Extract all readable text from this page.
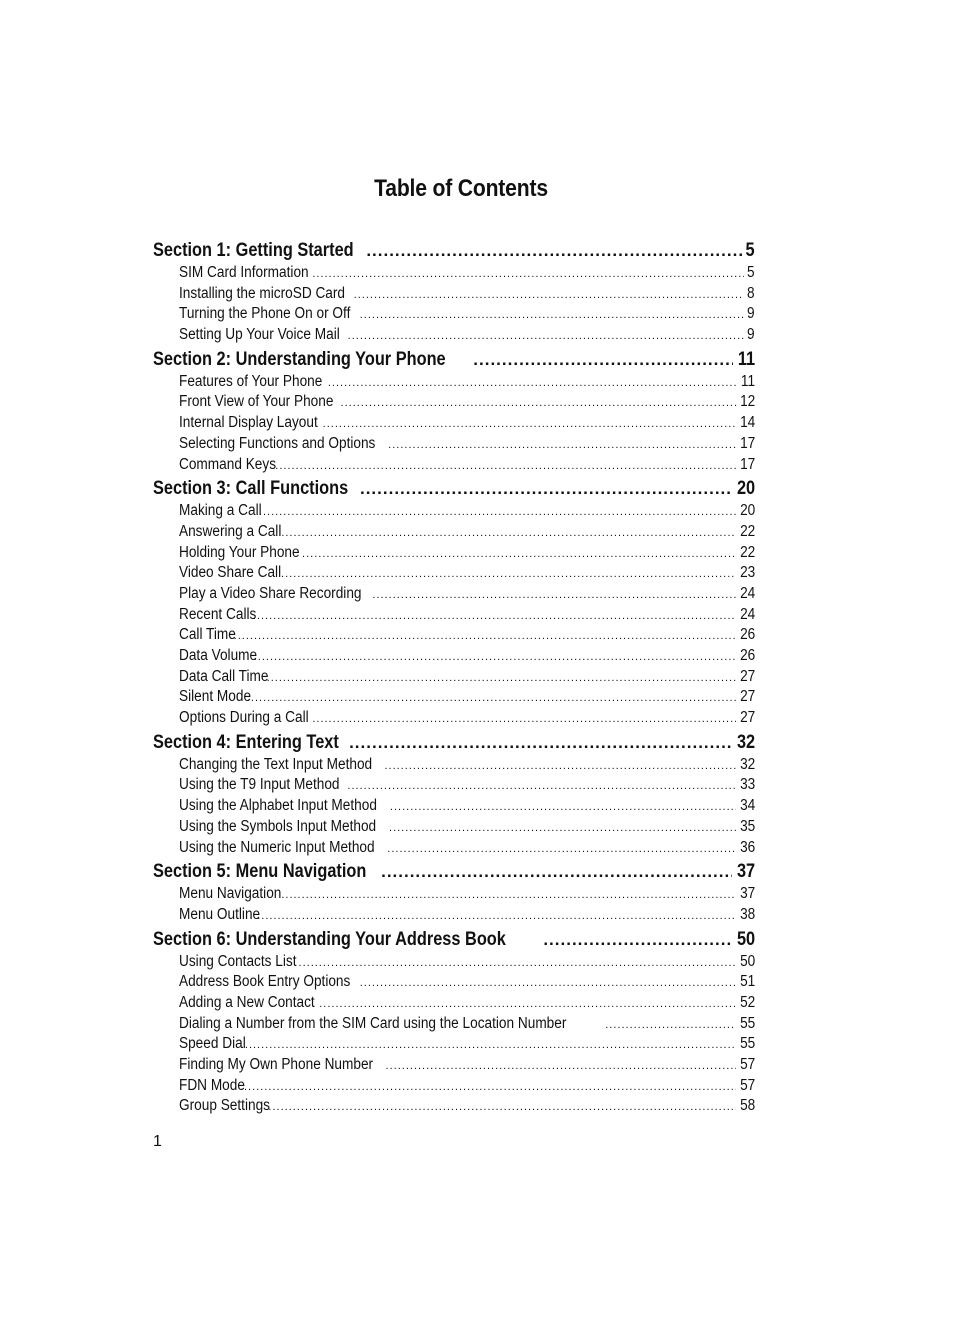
Table of Contents
Section 1: Getting Started .....	5
SIM Card Information .....	5
Installing the microSD Card .....	8
Turning the Phone On or Off .....	9
Setting Up Your Voice Mail .....	9
Section 2: Understanding Your Phone .....	11
Features of Your Phone .....	11
Front View of Your Phone .....	12
Internal Display Layout .....	14
Selecting Functions and Options .....	17
Command Keys .....	17
Section 3: Call Functions .....	20
Making a Call .....	20
Answering a Call .....	22
Holding Your Phone .....	22
Video Share Call .....	23
Play a Video Share Recording .....	24
Recent Calls .....	24
Call Time .....	26
Data Volume .....	26
Data Call Time .....	27
Silent Mode .....	27
Options During a Call .....	27
Section 4: Entering Text .....	32
Changing the Text Input Method .....	32
Using the T9 Input Method .....	33
Using the Alphabet Input Method .....	34
Using the Symbols Input Method .....	35
Using the Numeric Input Method .....	36
Section 5: Menu Navigation .....	37
Menu Navigation .....	37
Menu Outline .....	38
Section 6: Understanding Your Address Book .....	50
Using Contacts List .....	50
Address Book Entry Options .....	51
Adding a New Contact .....	52
Dialing a Number from the SIM Card using the Location Number .....	55
Speed Dial .....	55
Finding My Own Phone Number .....	57
FDN Mode .....	57
Group Settings .....	58
1
